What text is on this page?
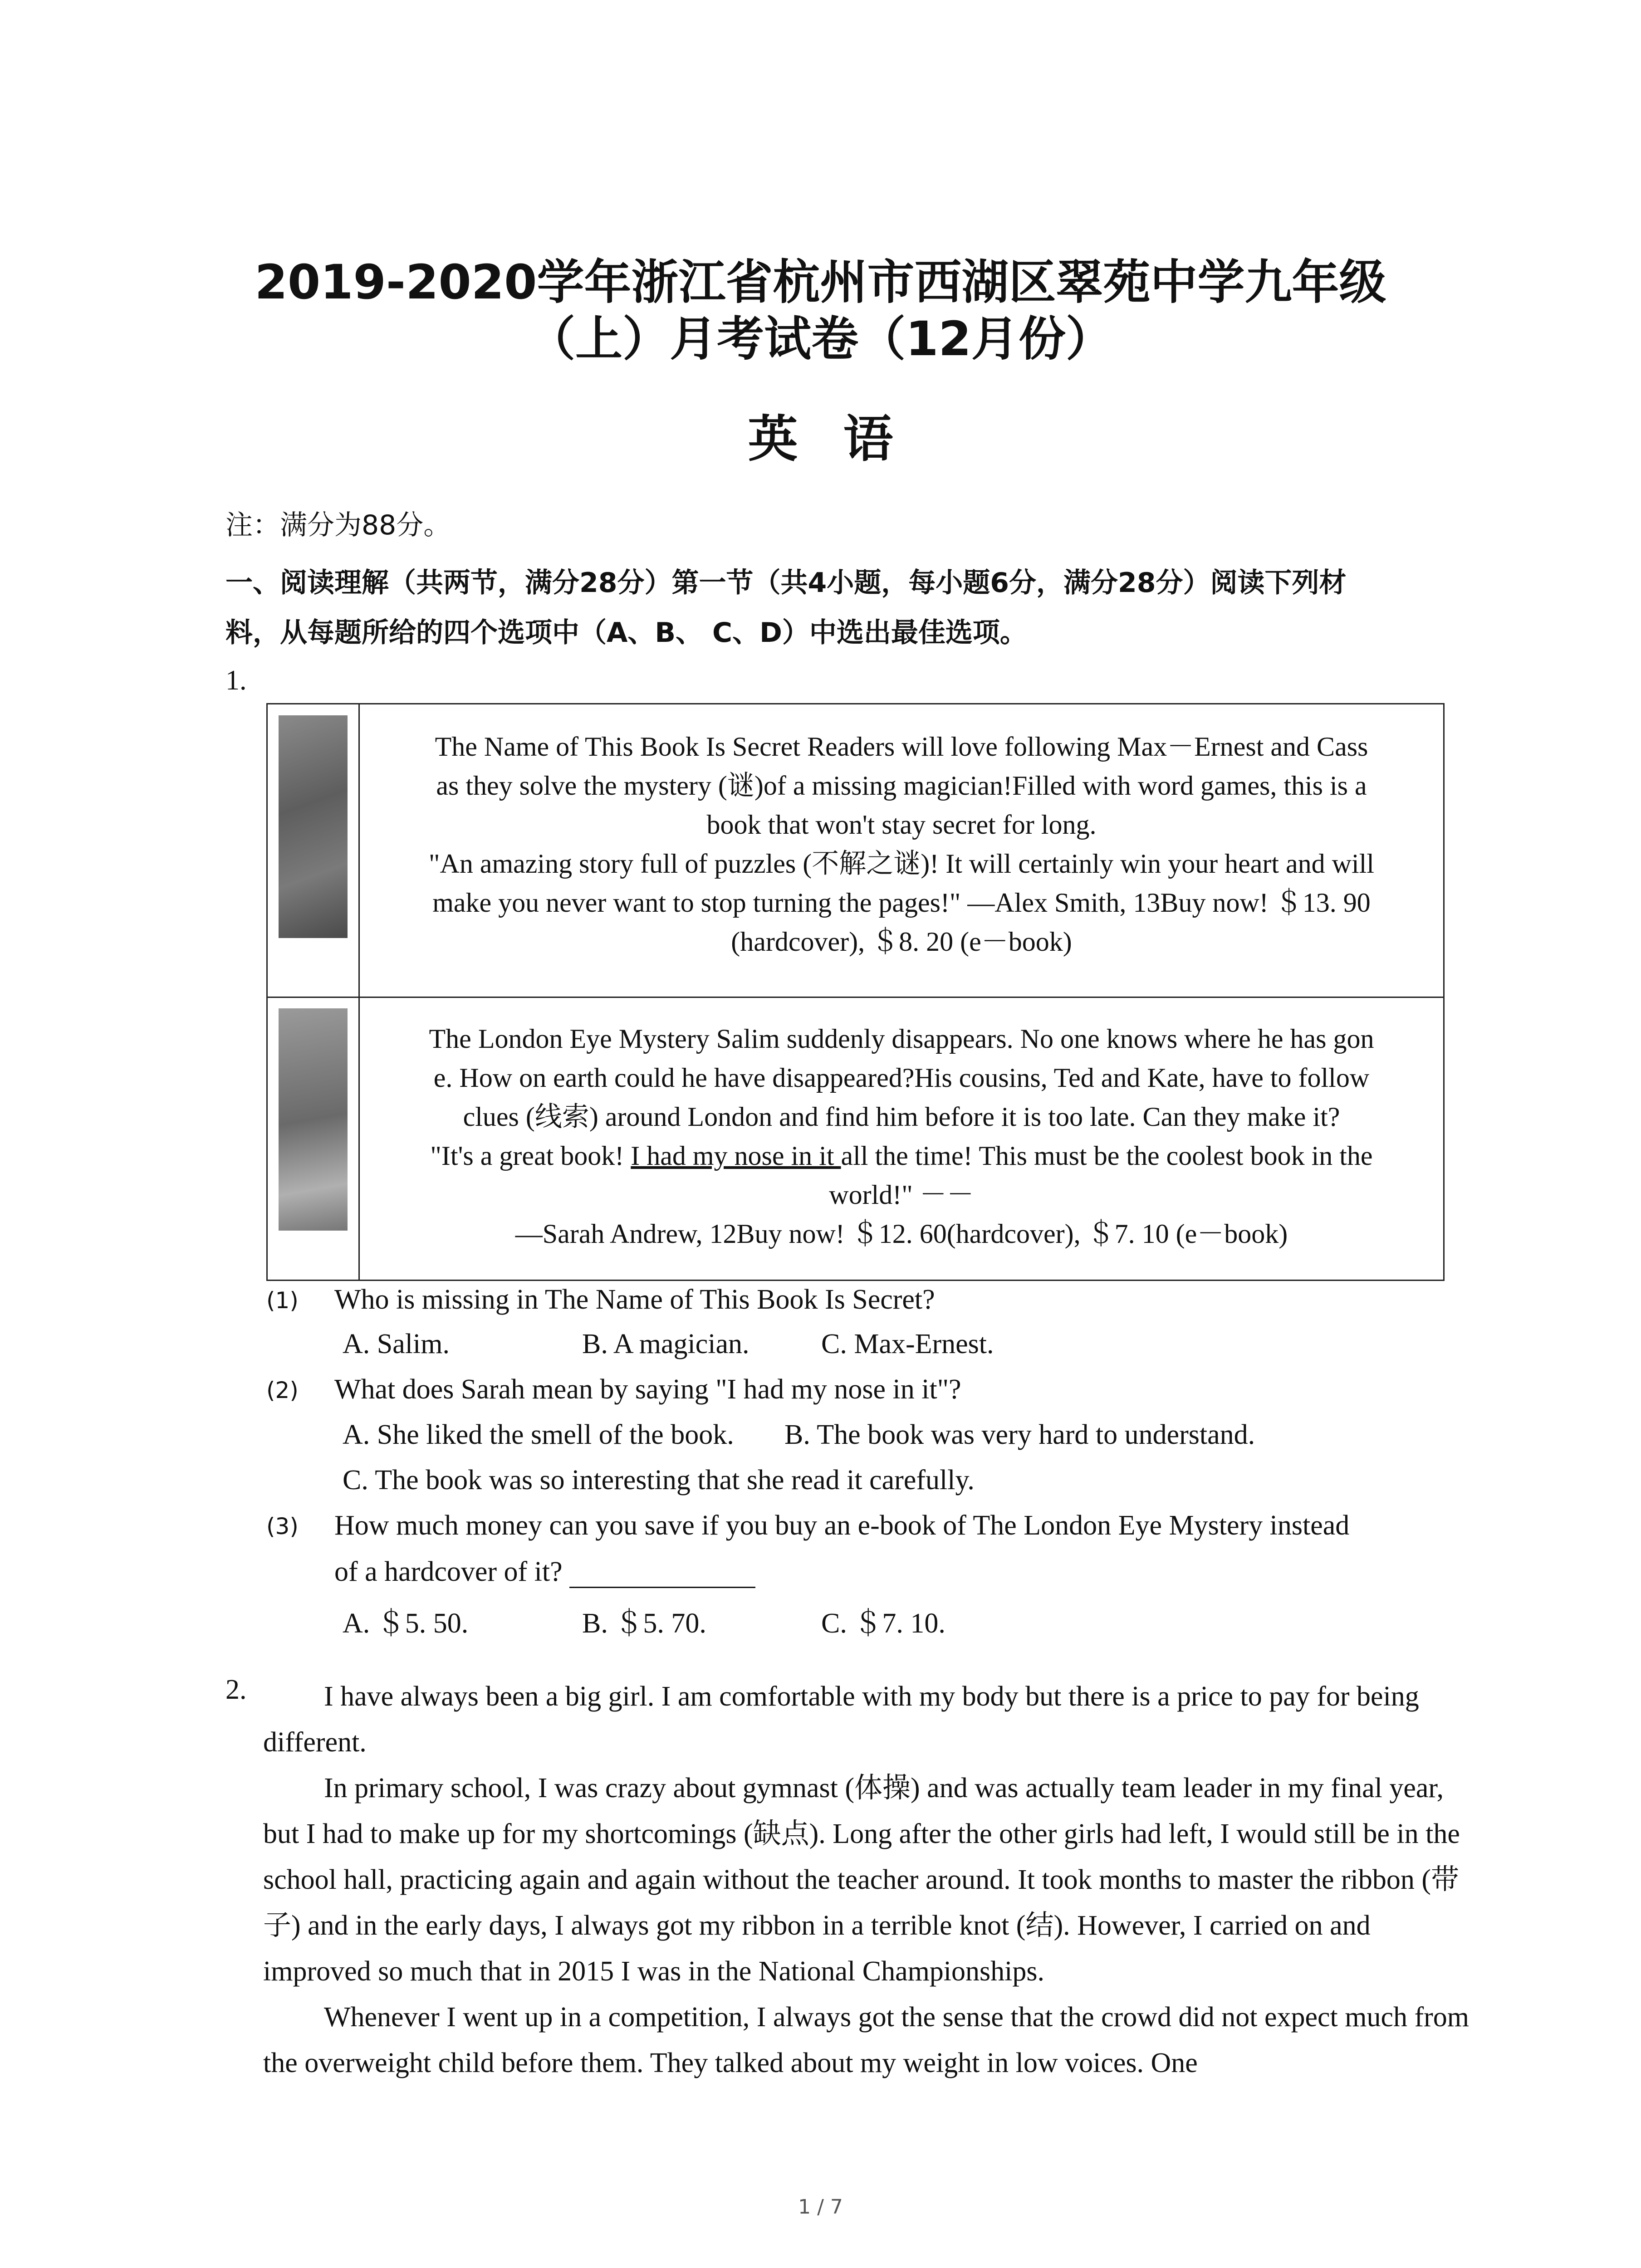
2019-2020学年浙江省杭州市西湖区翠苑中学九年级
（上）月考试卷（12月份）
英语
注：满分为88分。
一、阅读理解（共两节，满分28分）第一节（共4小题，每小题6分，满分28分）阅读下列材
料，从每题所给的四个选项中（A、B、 C、D）中选出最佳选项。
1.
The Name of This Book Is Secret Readers will love following Max－Ernest and Cass
as they solve the mystery (谜)of a missing magician!Filled with word games, this is a
book that won't stay secret for long.
"An amazing story full of puzzles (不解之谜)! It will certainly win your heart and will
make you never want to stop turning the pages!" —Alex Smith, 13Buy now! ＄13. 90
(hardcover), ＄8. 20 (e－book)
The London Eye Mystery Salim suddenly disappears. No one knows where he has gon
e. How on earth could he have disappeared?His cousins, Ted and Kate, have to follow
clues (线索) around London and find him before it is too late. Can they make it?
"It's a great book! I had my nose in it all the time! This must be the coolest book in the
world!" －－
—Sarah Andrew, 12Buy now! ＄12. 60(hardcover), ＄7. 10 (e－book)
(1) Who is missing in The Name of This Book Is Secret?
A. Salim.	B. A magician.	C. Max-Ernest.
(2) What does Sarah mean by saying "I had my nose in it"?
A. She liked the smell of the book. B. The book was very hard to understand.
C. The book was so interesting that she read it carefully.
(3) How much money can you save if you buy an e-book of The London Eye Mystery instead
of a hardcover of it?
A. ＄5. 50.	B. ＄5. 70.	C. ＄7. 10.
2.	I have always been a big girl. I am comfortable with my body but there is a price to pay for being different.

In primary school, I was crazy about gymnast (体操) and was actually team leader in my final year, but I had to make up for my shortcomings (缺点). Long after the other girls had left, I would still be in the school hall, practicing again and again without the teacher around. It took months to master the ribbon (带子) and in the early days, I always got my ribbon in a terrible knot (结). However, I carried on and improved so much that in 2015 I was in the National Championships.

Whenever I went up in a competition, I always got the sense that the crowd did not expect much from the overweight child before them. They talked about my weight in low voices. One

1 / 7
